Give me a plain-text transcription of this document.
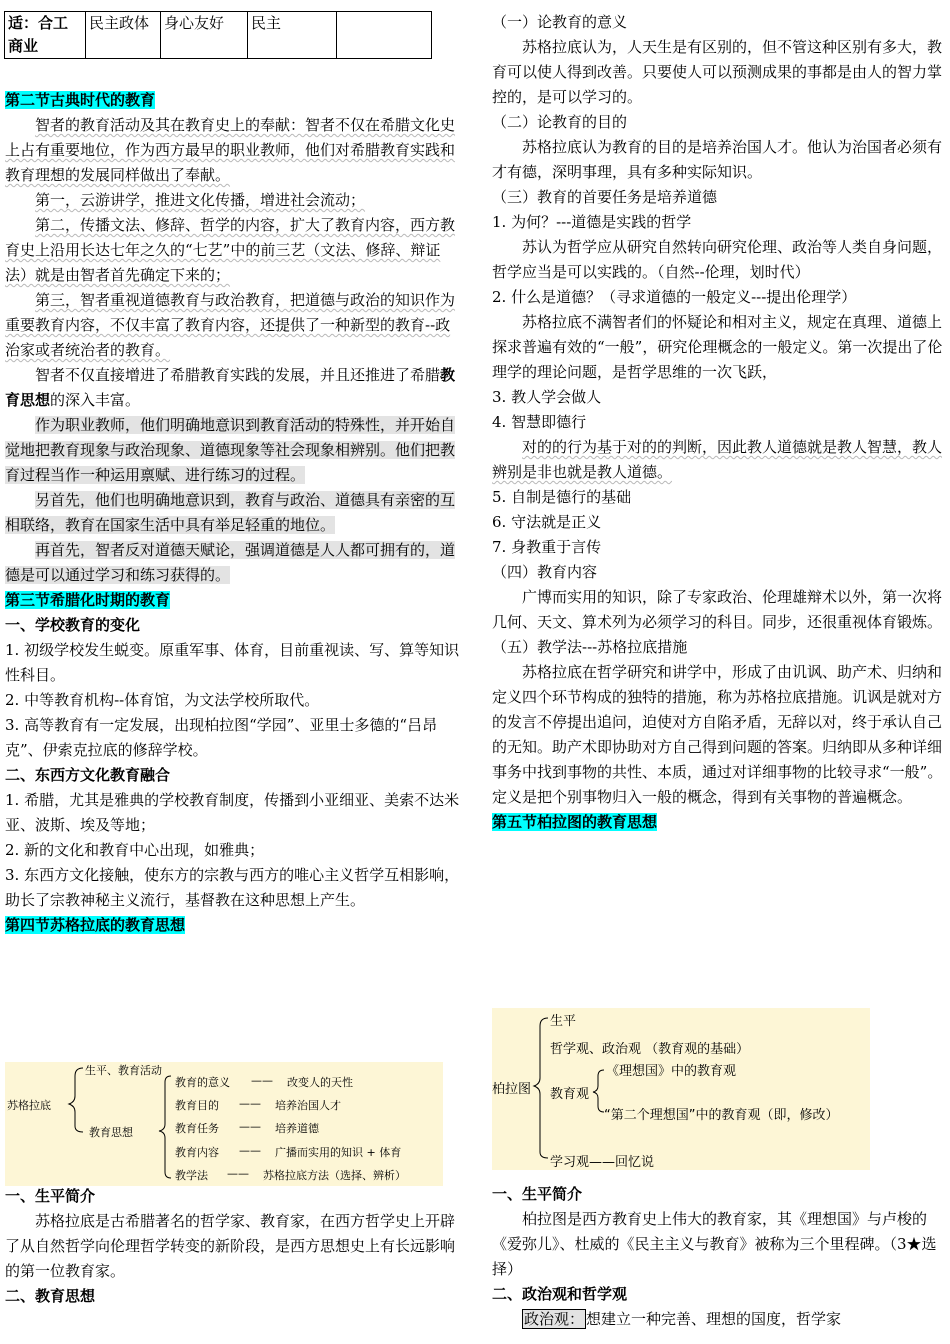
适：合工商业	民主政体	身心友好	民主	

第二节古典时代的教育

智者的教育活动及其在教育史上的奉献：智者不仅在希腊文化史上占有重要地位，作为西方最早的职业教师，他们对希腊教育实践和教育理想的发展同样做出了奉献。

第一，云游讲学，推进文化传播，增进社会流动；

第二，传播文法、修辞、哲学的内容，扩大了教育内容，西方教育史上沿用长达七年之久的“七艺”中的前三艺（文法、修辞、辩证法）就是由智者首先确定下来的；

第三，智者重视道德教育与政治教育，把道德与政治的知识作为重要教育内容，不仅丰富了教育内容，还提供了一种新型的教育--政治家或者统治者的教育。

智者不仅直接增进了希腊教育实践的发展，并且还推进了希腊教育思想的深入丰富。

作为职业教师，他们明确地意识到教育活动的特殊性，并开始自觉地把教育现象与政治现象、道德现象等社会现象相辨别。他们把教育过程当作一种运用禀赋、进行练习的过程。

另首先，他们也明确地意识到，教育与政治、道德具有亲密的互相联络，教育在国家生活中具有举足轻重的地位。

再首先，智者反对道德天赋论，强调道德是人人都可拥有的，道德是可以通过学习和练习获得的。

第三节希腊化时期的教育

一、学校教育的变化

1. 初级学校发生蜕变。原重军事、体育，目前重视读、写、算等知识性科目。

2. 中等教育机构--体育馆，为文法学校所取代。

3. 高等教育有一定发展，出现柏拉图“学园”、亚里士多德的“吕昂克”、伊索克拉底的修辞学校。

二、东西方文化教育融合

1. 希腊，尤其是雅典的学校教育制度，传播到小亚细亚、美索不达米亚、波斯、埃及等地；

2. 新的文化和教育中心出现，如雅典；

3. 东西方文化接触，使东方的宗教与西方的唯心主义哲学互相影响，助长了宗教神秘主义流行，基督教在这种思想上产生。

第四节苏格拉底的教育思想

苏格拉底
生平、教育活动
教育思想
教育的意义 —— 改变人的天性
教育目的 —— 培养治国人才
教育任务 —— 培养道德
教育内容 —— 广播而实用的知识 + 体育
教学法 —— 苏格拉底方法（选择、辨析）

一、生平简介

苏格拉底是古希腊著名的哲学家、教育家，在西方哲学史上开辟了从自然哲学向伦理哲学转变的新阶段，是西方思想史上有长远影响的第一位教育家。

二、教育思想

（一）论教育的意义

苏格拉底认为，人天生是有区别的，但不管这种区别有多大，教育可以使人得到改善。只要使人可以预测成果的事都是由人的智力掌控的，是可以学习的。

（二）论教育的目的

苏格拉底认为教育的目的是培养治国人才。他认为治国者必须有才有德，深明事理，具有多种实际知识。

（三）教育的首要任务是培养道德

1. 为何？---道德是实践的哲学

苏认为哲学应从研究自然转向研究伦理、政治等人类自身问题，哲学应当是可以实践的。（自然--伦理，划时代）

2. 什么是道德？（寻求道德的一般定义---提出伦理学）

苏格拉底不满智者们的怀疑论和相对主义，规定在真理、道德上探求普遍有效的“一般”，研究伦理概念的一般定义。第一次提出了伦理学的理论问题，是哲学思维的一次飞跃，

3. 教人学会做人

4. 智慧即德行

对的的行为基于对的的判断，因此教人道德就是教人智慧，教人辨别是非也就是教人道德。

5. 自制是德行的基础

6. 守法就是正义

7. 身教重于言传

（四）教育内容

广博而实用的知识，除了专家政治、伦理雄辩术以外，第一次将几何、天文、算术列为必须学习的科目。同步，还很重视体育锻炼。

（五）教学法---苏格拉底措施

苏格拉底在哲学研究和讲学中，形成了由讥讽、助产术、归纳和定义四个环节构成的独特的措施，称为苏格拉底措施。讥讽是就对方的发言不停提出追问，迫使对方自陷矛盾，无辞以对，终于承认自己的无知。助产术即协助对方自己得到问题的答案。归纳即从多种详细事务中找到事物的共性、本质，通过对详细事物的比较寻求“一般”。定义是把个别事物归入一般的概念，得到有关事物的普遍概念。

第五节柏拉图的教育思想

柏拉图
生平
哲学观、政治观 （教育观的基础）
教育观
《理想国》中的教育观
“第二个理想国”中的教育观（即，修改）
学习观——回忆说

一、生平简介

柏拉图是西方教育史上伟大的教育家，其《理想国》与卢梭的《爱弥儿》、杜威的《民主主义与教育》被称为三个里程碑。（3★选择）

二、政治观和哲学观

政治观： 想建立一种完善、理想的国度，哲学家
